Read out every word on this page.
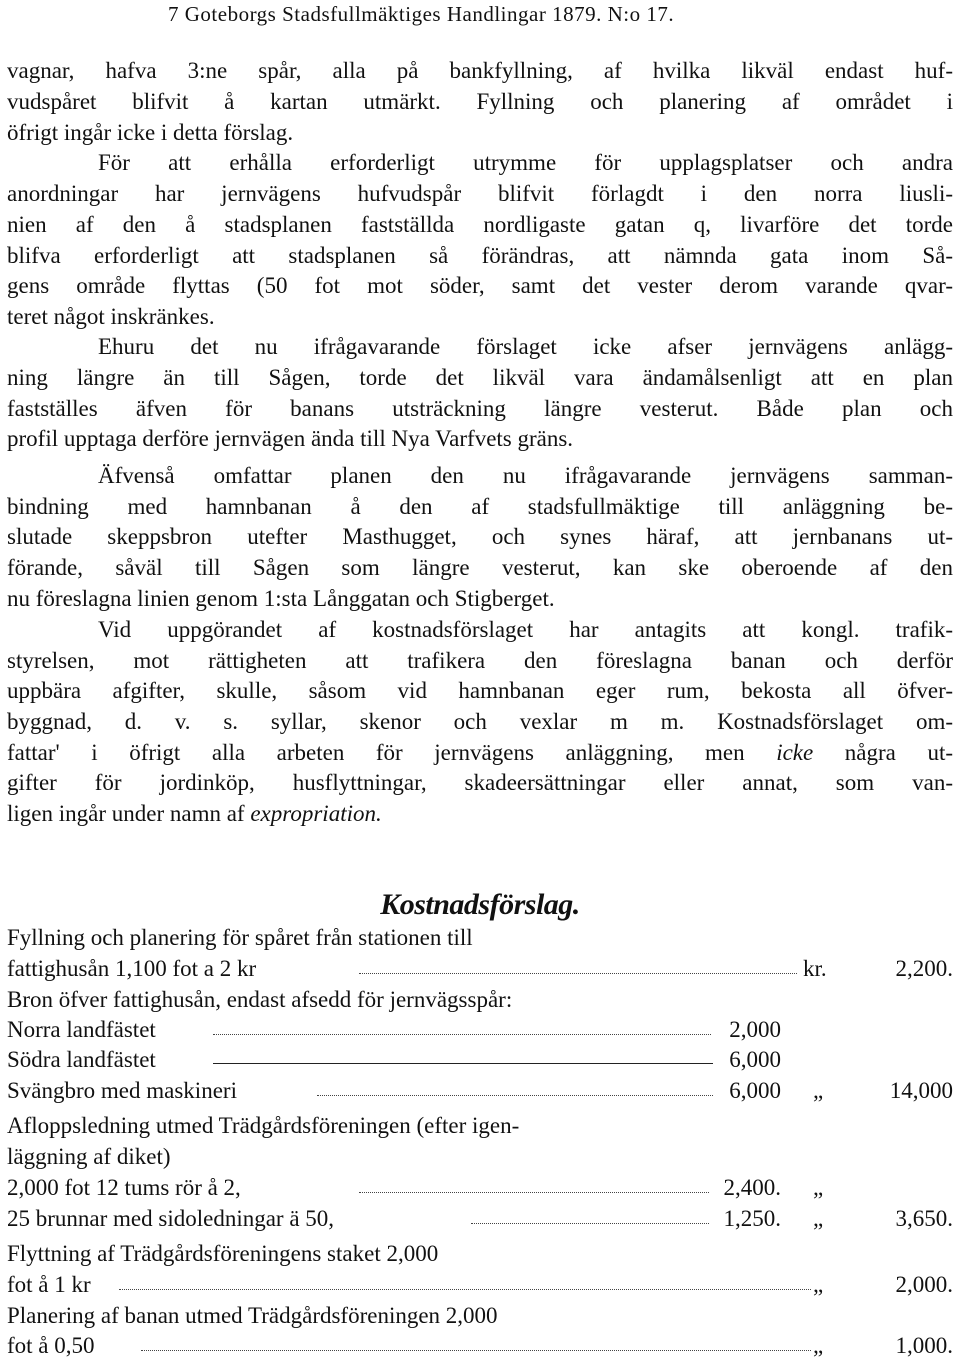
7 Goteborgs Stadsfullmäktiges Handlingar 1879. N:o 17.
vagnar, hafva 3:ne spår, alla på bankfyllning, af hvilka likväl endast huf-
vudspåret blifvit å kartan utmärkt. Fyllning och planering af området i
öfrigt ingår icke i detta förslag.
För att erhålla erforderligt utrymme för upplagsplatser och andra
anordningar har jernvägens hufvudspår blifvit förlagdt i den norra liusli-
nien af den å stadsplanen fastställda nordligaste gatan q, livarföre det torde
blifva erforderligt att stadsplanen så förändras, att nämnda gata inom Så-
gens område flyttas (50 fot mot söder, samt det vester derom varande qvar-
teret något inskränkes.
Ehuru det nu ifrågavarande förslaget icke afser jernvägens anlägg-
ning längre än till Sågen, torde det likväl vara ändamålsenligt att en plan
fastställes äfven för banans utsträckning längre vesterut. Både plan och
profil upptaga derföre jernvägen ända till Nya Varfvets gräns.
Äfvenså omfattar planen den nu ifrågavarande jernvägens samman-
bindning med hamnbanan å den af stadsfullmäktige till anläggning be-
slutade skeppsbron utefter Masthugget, och synes häraf, att jernbanans ut-
förande, såväl till Sågen som längre vesterut, kan ske oberoende af den
nu föreslagna linien genom 1:sta Långgatan och Stigberget.
Vid uppgörandet af kostnadsförslaget har antagits att kongl. trafik-
styrelsen, mot rättigheten att trafikera den föreslagna banan och derför
uppbära afgifter, skulle, såsom vid hamnbanan eger rum, bekosta all öfver-
byggnad, d. v. s. syllar, skenor och vexlar m m. Kostnadsförslaget om-
fattar' i öfrigt alla arbeten för jernvägens anläggning, men icke några ut-
gifter för jordinköp, husflyttningar, skadeersättningar eller annat, som van-
ligen ingår under namn af expropriation.
Kostnadsförslag.
Fyllning och planering för spåret från stationen till
fattighusån 1,100 fot a 2 kr	kr.	2,200.
Bron öfver fattighusån, endast afsedd för jernvägsspår:
Norra landfästet	2,000
Södra landfästet	6,000
Svängbro med maskineri	6,000 „	14,000
Afloppsledning utmed Trädgårdsföreningen (efter igen-
läggning af diket)
2,000 fot 12 tums rör å 2,	2,400. „
25 brunnar med sidoledningar ä 50,	1,250. „	3,650.
Flyttning af Trädgårdsföreningens staket 2,000
fot å 1 kr	„	2,000.
Planering af banan utmed Trädgårdsföreningen 2,000
fot å 0,50	„	1,000.
